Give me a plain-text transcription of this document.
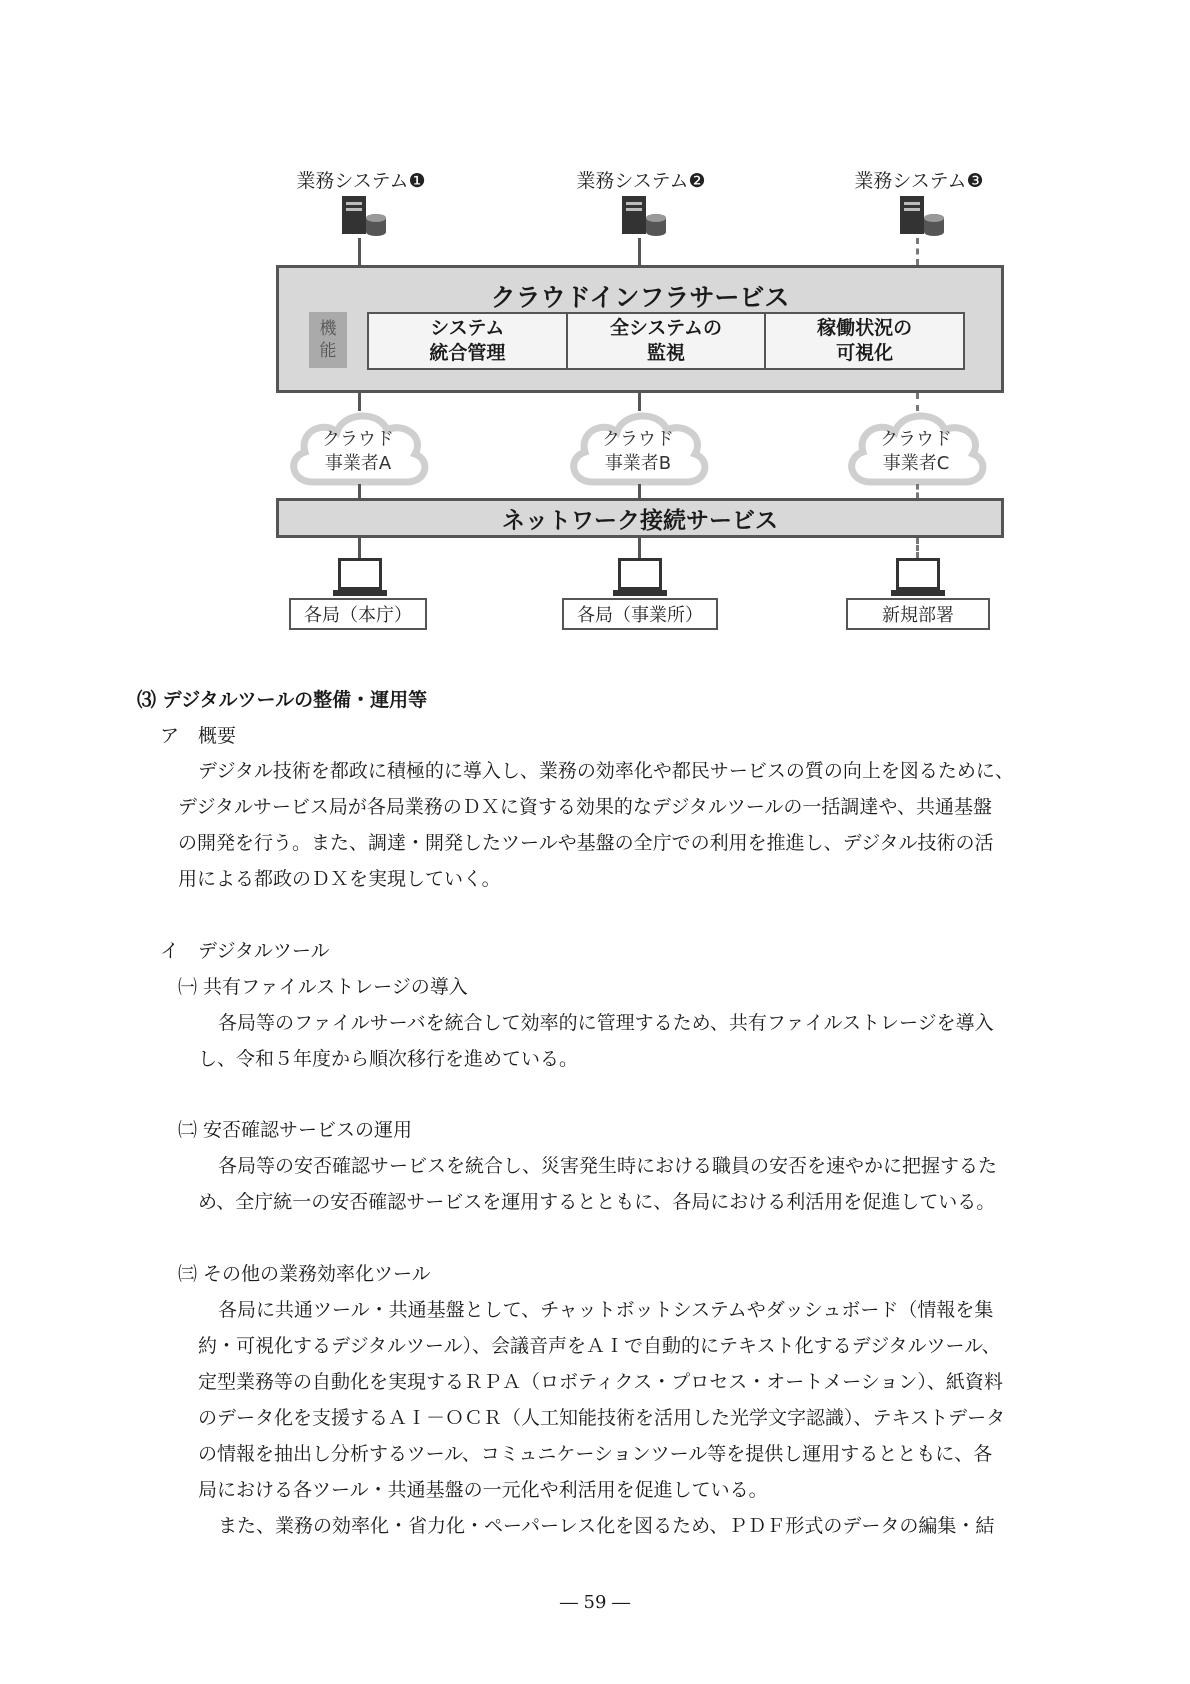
業務システム❶	業務システム❷	業務システム❸
クラウドインフラサービス
機
能
システム
統合管理
全システムの
監視
稼働状況の
可視化
クラウド
事業者A
クラウド
事業者B
クラウド
事業者C
ネットワーク接続サービス
各局（本庁）	各局（事業所）	新規部署
⑶ デジタルツールの整備・運用等
ア　概要
デジタル技術を都政に積極的に導入し、業務の効率化や都民サービスの質の向上を図るために、
デジタルサービス局が各局業務のＤＸに資する効果的なデジタルツールの一括調達や、共通基盤
の開発を行う。また、調達・開発したツールや基盤の全庁での利用を推進し、デジタル技術の活
用による都政のＤＸを実現していく。
イ　デジタルツール
㈠ 共有ファイルストレージの導入
各局等のファイルサーバを統合して効率的に管理するため、共有ファイルストレージを導入
し、令和５年度から順次移行を進めている。
㈡ 安否確認サービスの運用
各局等の安否確認サービスを統合し、災害発生時における職員の安否を速やかに把握するた
め、全庁統一の安否確認サービスを運用するとともに、各局における利活用を促進している。
㈢ その他の業務効率化ツール
各局に共通ツール・共通基盤として、チャットボットシステムやダッシュボード（情報を集
約・可視化するデジタルツール）、会議音声をＡＩで自動的にテキスト化するデジタルツール、
定型業務等の自動化を実現するＲＰＡ（ロボティクス・プロセス・オートメーション）、紙資料
のデータ化を支援するＡＩ－ＯＣＲ（人工知能技術を活用した光学文字認識）、テキストデータ
の情報を抽出し分析するツール、コミュニケーションツール等を提供し運用するとともに、各
局における各ツール・共通基盤の一元化や利活用を促進している。
また、業務の効率化・省力化・ペーパーレス化を図るため、ＰＤＦ形式のデータの編集・結
― 59 ―
